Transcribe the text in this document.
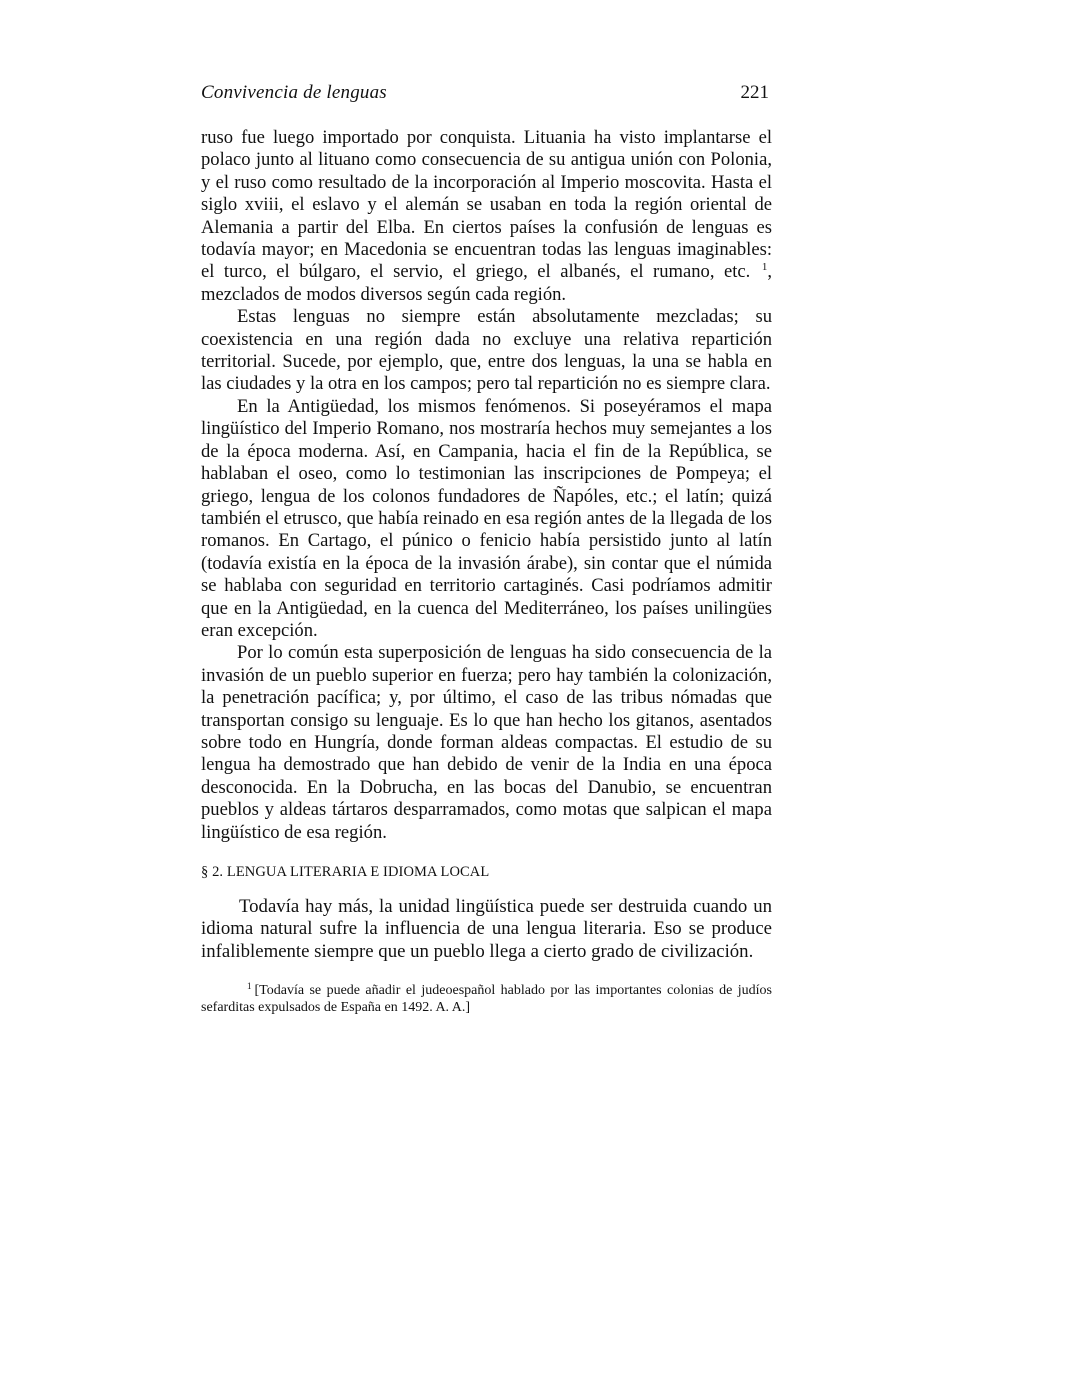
Convivencia de lenguas	221

ruso fue luego importado por conquista. Lituania ha visto implantarse el polaco junto al lituano como consecuencia de su antigua unión con Polonia, y el ruso como resultado de la incorporación al Imperio moscovita. Hasta el siglo xviii, el eslavo y el alemán se usaban en toda la región oriental de Alemania a partir del Elba. En ciertos países la confusión de lenguas es todavía mayor; en Macedonia se encuentran todas las lenguas imaginables: el turco, el búlgaro, el servio, el griego, el albanés, el rumano, etc. $^1$, mezclados de modos diversos según cada región.

Estas lenguas no siempre están absolutamente mezcladas; su coexistencia en una región dada no excluye una relativa repartición territorial. Sucede, por ejemplo, que, entre dos lenguas, la una se habla en las ciudades y la otra en los campos; pero tal repartición no es siempre clara.

En la Antigüedad, los mismos fenómenos. Si poseyéramos el mapa lingüístico del Imperio Romano, nos mostraría hechos muy semejantes a los de la época moderna. Así, en Campania, hacia el fin de la República, se hablaban el oseo, como lo testimonian las inscripciones de Pompeya; el griego, lengua de los colonos fundadores de Ñapóles, etc.; el latín; quizá también el etrusco, que había reinado en esa región antes de la llegada de los romanos. En Cartago, el púnico o fenicio había persistido junto al latín (todavía existía en la época de la invasión árabe), sin contar que el númida se hablaba con seguridad en territorio cartaginés. Casi podríamos admitir que en la Antigüedad, en la cuenca del Mediterráneo, los países unilingües eran excepción.

Por lo común esta superposición de lenguas ha sido consecuencia de la invasión de un pueblo superior en fuerza; pero hay también la colonización, la penetración pacífica; y, por último, el caso de las tribus nómadas que transportan consigo su lenguaje. Es lo que han hecho los gitanos, asentados sobre todo en Hungría, donde forman aldeas compactas. El estudio de su lengua ha demostrado que han debido de venir de la India en una época desconocida. En la Dobrucha, en las bocas del Danubio, se encuentran pueblos y aldeas tártaros desparramados, como motas que salpican el mapa lingüístico de esa región.

§ 2. LENGUA LITERARIA E IDIOMA LOCAL

Todavía hay más, la unidad lingüística puede ser destruida cuando un idioma natural sufre la influencia de una lengua literaria. Eso se produce infaliblemente siempre que un pueblo llega a cierto grado de civilización.

$^1$ [Todavía se puede añadir el judeoespañol hablado por las importantes colonias de judíos sefarditas expulsados de España en 1492. A. A.]
